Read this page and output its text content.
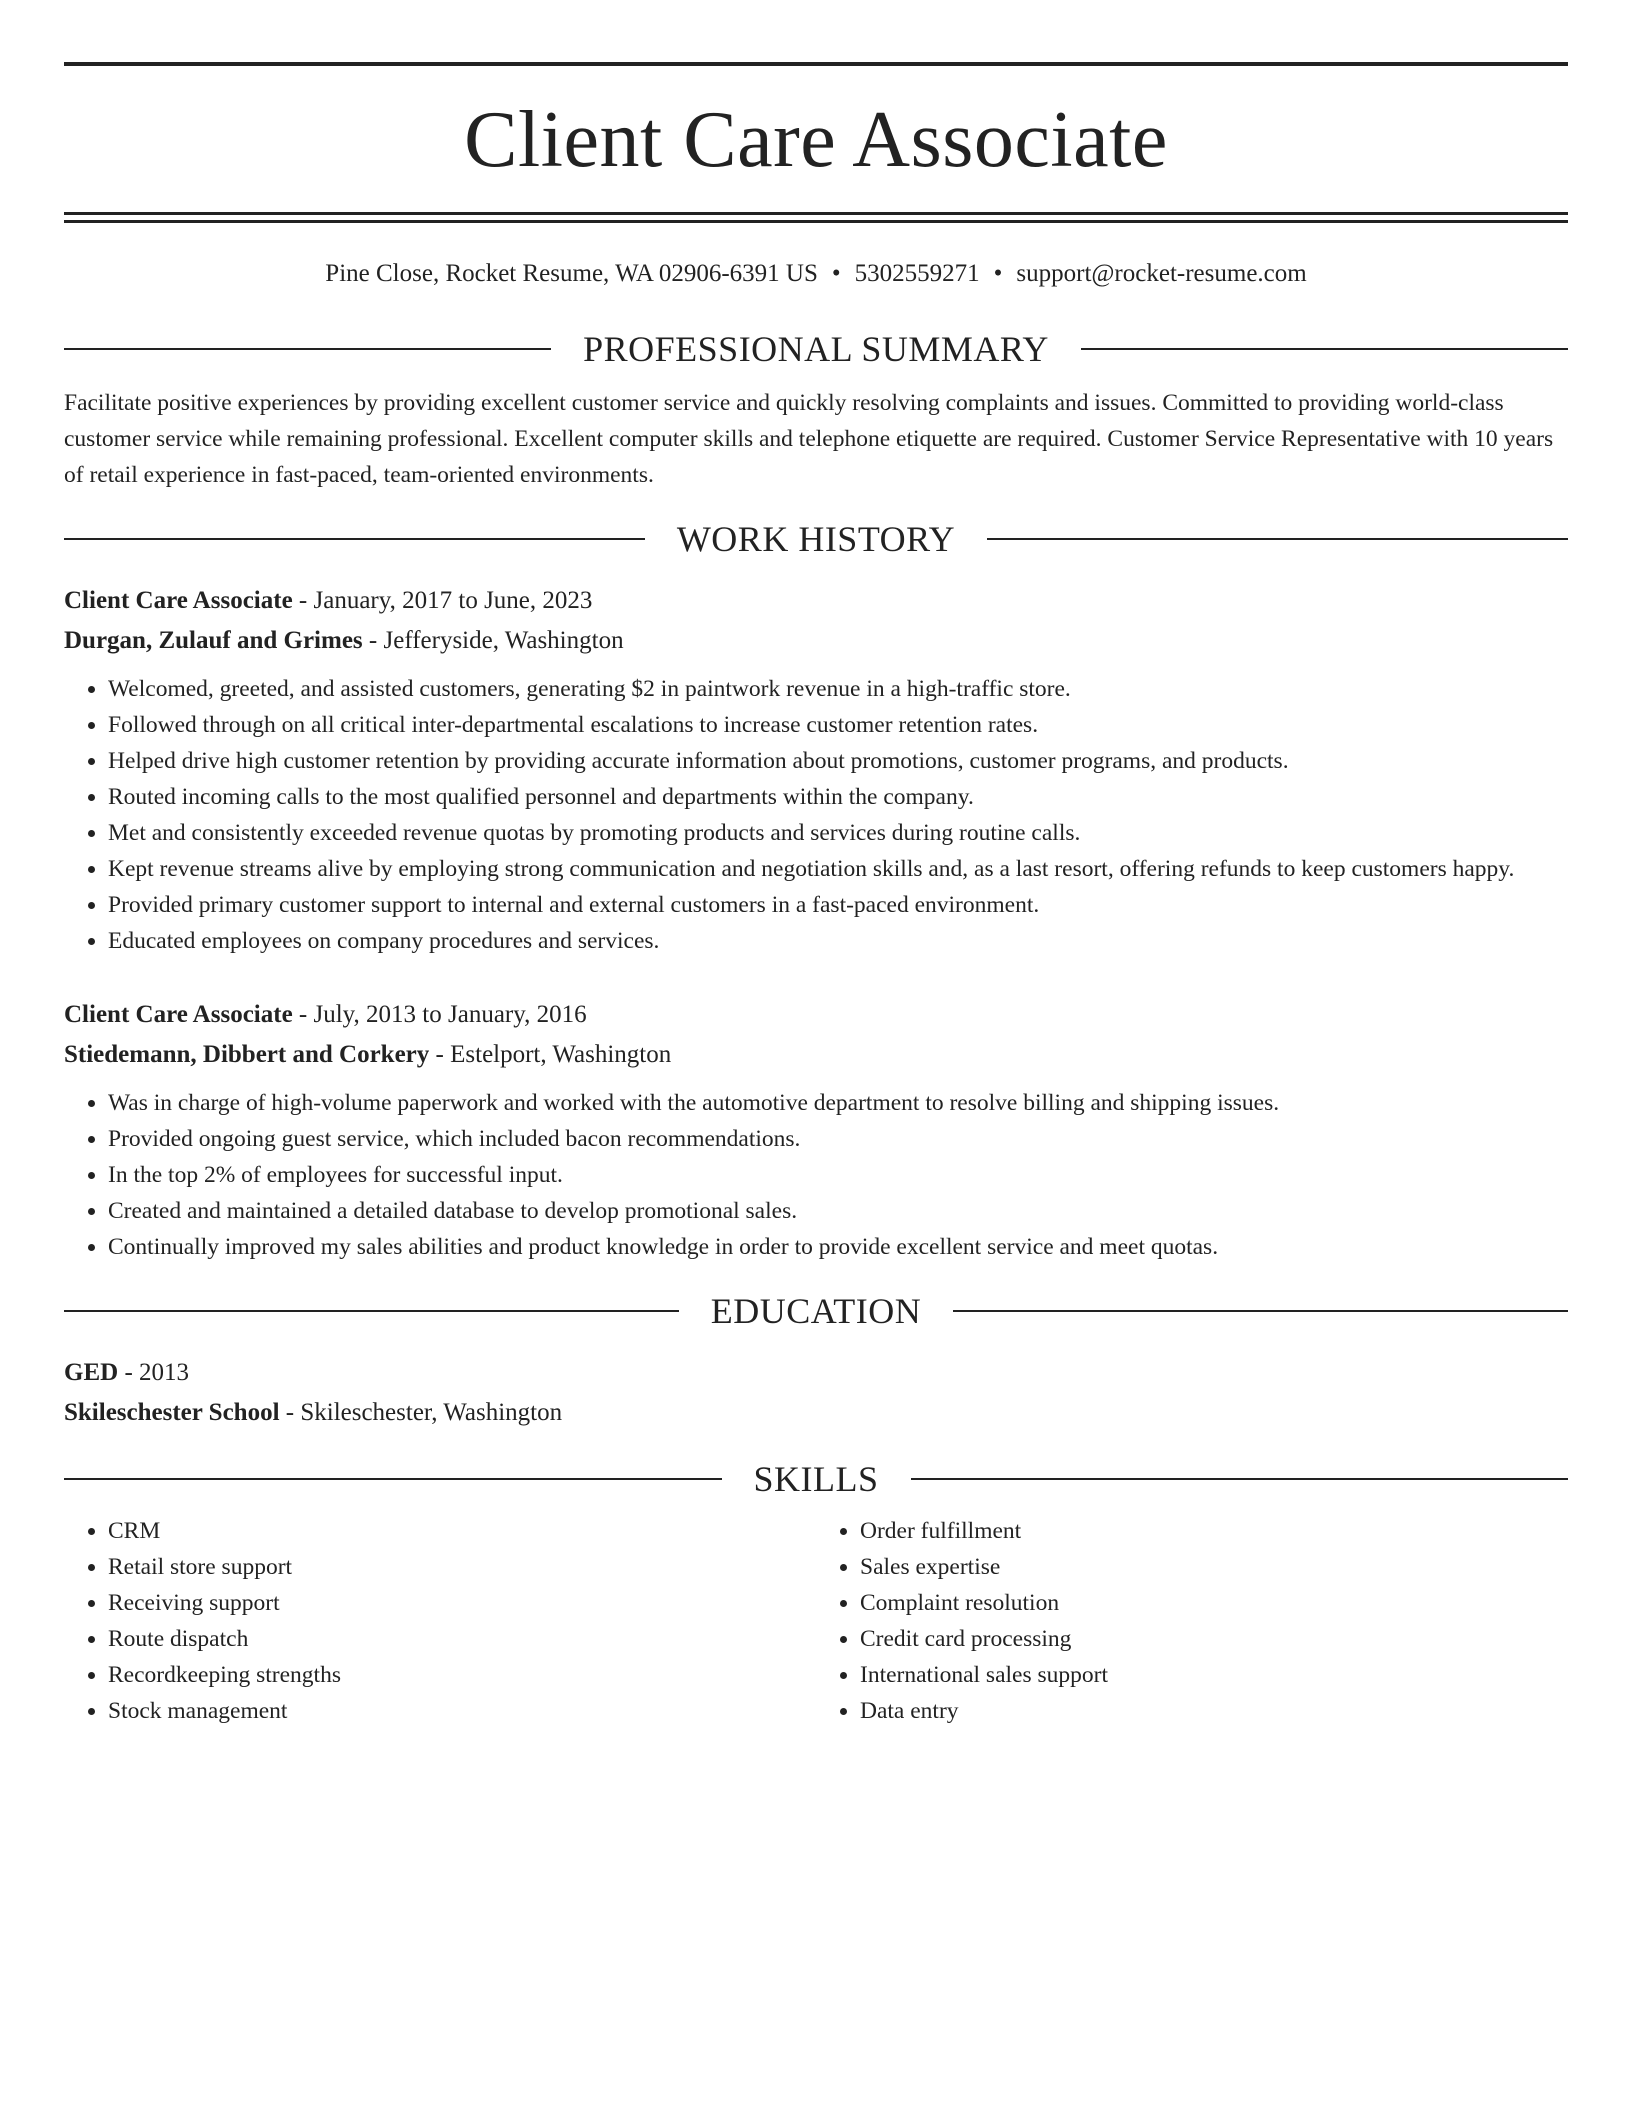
Client Care Associate
Pine Close, Rocket Resume, WA 02906-6391 US • 5302559271 • support@rocket-resume.com
PROFESSIONAL SUMMARY

Facilitate positive experiences by providing excellent customer service and quickly resolving complaints and issues. Committed to providing world-class customer service while remaining professional. Excellent computer skills and telephone etiquette are required. Customer Service Representative with 10 years of retail experience in fast-paced, team-oriented environments.

WORK HISTORY
Client Care Associate - January, 2017 to June, 2023
Durgan, Zulauf and Grimes - Jefferyside, Washington
• Welcomed, greeted, and assisted customers, generating $2 in paintwork revenue in a high-traffic store.
• Followed through on all critical inter-departmental escalations to increase customer retention rates.
• Helped drive high customer retention by providing accurate information about promotions, customer programs, and products.
• Routed incoming calls to the most qualified personnel and departments within the company.
• Met and consistently exceeded revenue quotas by promoting products and services during routine calls.
• Kept revenue streams alive by employing strong communication and negotiation skills and, as a last resort, offering refunds to keep customers happy.
• Provided primary customer support to internal and external customers in a fast-paced environment.
• Educated employees on company procedures and services.
Client Care Associate - July, 2013 to January, 2016
Stiedemann, Dibbert and Corkery - Estelport, Washington
• Was in charge of high-volume paperwork and worked with the automotive department to resolve billing and shipping issues.
• Provided ongoing guest service, which included bacon recommendations.
• In the top 2% of employees for successful input.
• Created and maintained a detailed database to develop promotional sales.
• Continually improved my sales abilities and product knowledge in order to provide excellent service and meet quotas.
EDUCATION
GED - 2013
Skileschester School - Skileschester, Washington
SKILLS
• CRM
• Retail store support
• Receiving support
• Route dispatch
• Recordkeeping strengths
• Stock management
• Order fulfillment
• Sales expertise
• Complaint resolution
• Credit card processing
• International sales support
• Data entry
